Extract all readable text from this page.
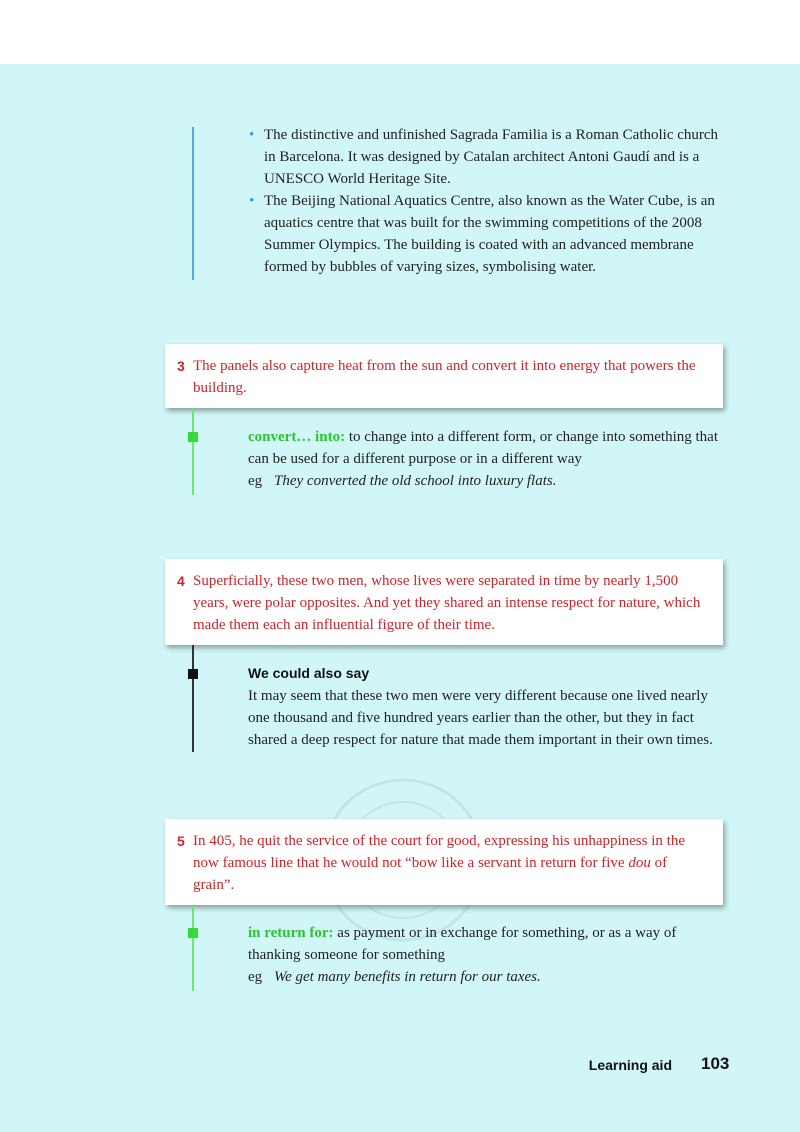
• The distinctive and unfinished Sagrada Familia is a Roman Catholic church in Barcelona. It was designed by Catalan architect Antoni Gaudí and is a UNESCO World Heritage Site.
• The Beijing National Aquatics Centre, also known as the Water Cube, is an aquatics centre that was built for the swimming competitions of the 2008 Summer Olympics. The building is coated with an advanced membrane formed by bubbles of varying sizes, symbolising water.
3 The panels also capture heat from the sun and convert it into energy that powers the building.
convert… into: to change into a different form, or change into something that can be used for a different purpose or in a different way
eg They converted the old school into luxury flats.
4 Superficially, these two men, whose lives were separated in time by nearly 1,500 years, were polar opposites. And yet they shared an intense respect for nature, which made them each an influential figure of their time.
We could also say
It may seem that these two men were very different because one lived nearly one thousand and five hundred years earlier than the other, but they in fact shared a deep respect for nature that made them important in their own times.
5 In 405, he quit the service of the court for good, expressing his unhappiness in the now famous line that he would not “bow like a servant in return for five dou of grain”.
in return for: as payment or in exchange for something, or as a way of thanking someone for something
eg We get many benefits in return for our taxes.
Learning aid 103
